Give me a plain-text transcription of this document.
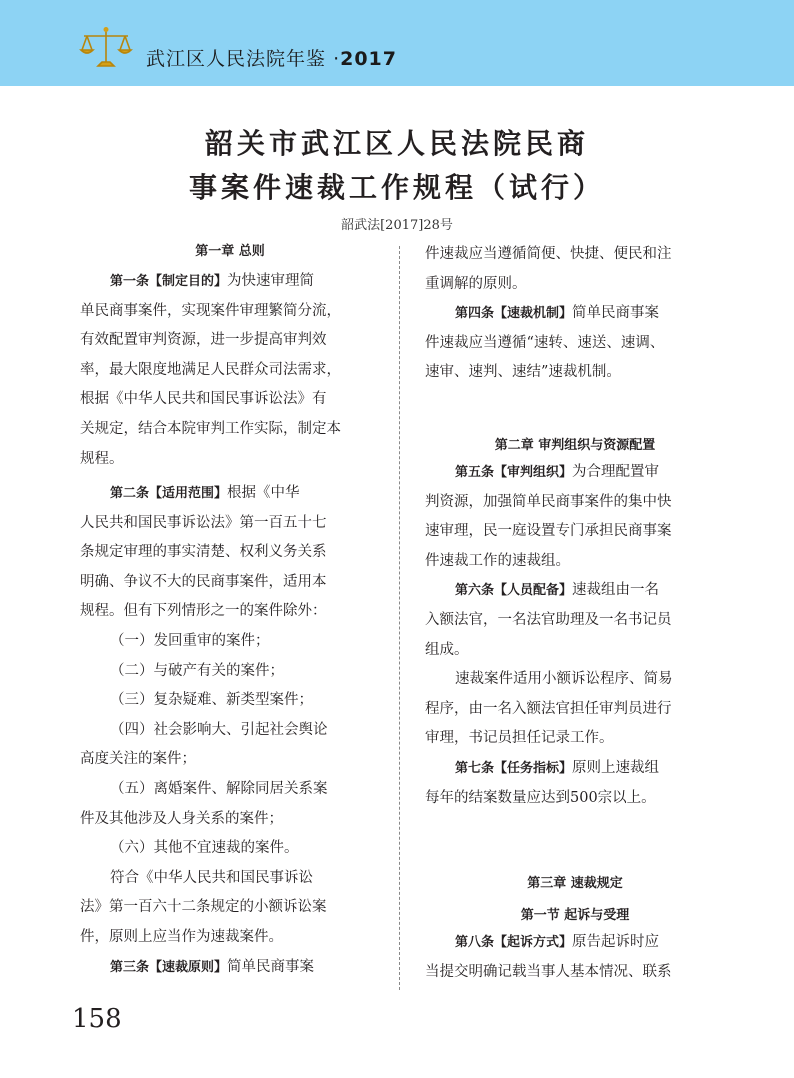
武江区人民法院年鉴 ·2017
韶关市武江区人民法院民商
事案件速裁工作规程（试行）
韶武法[2017]28号
第一章 总则
第一条【制定目的】为快速审理简
单民商事案件，实现案件审理繁简分流，
有效配置审判资源，进一步提高审判效
率，最大限度地满足人民群众司法需求，
根据《中华人民共和国民事诉讼法》有
关规定，结合本院审判工作实际，制定本
规程。
第二条【适用范围】根据《中华
人民共和国民事诉讼法》第一百五十七
条规定审理的事实清楚、权利义务关系
明确、争议不大的民商事案件，适用本
规程。但有下列情形之一的案件除外：
（一）发回重审的案件；
（二）与破产有关的案件；
（三）复杂疑难、新类型案件；
（四）社会影响大、引起社会舆论
高度关注的案件；
（五）离婚案件、解除同居关系案
件及其他涉及人身关系的案件；
（六）其他不宜速裁的案件。
符合《中华人民共和国民事诉讼
法》第一百六十二条规定的小额诉讼案
件，原则上应当作为速裁案件。
第三条【速裁原则】简单民商事案
件速裁应当遵循简便、快捷、便民和注
重调解的原则。
第四条【速裁机制】简单民商事案
件速裁应当遵循“速转、速送、速调、
速审、速判、速结”速裁机制。
第二章 审判组织与资源配置
第五条【审判组织】为合理配置审
判资源，加强简单民商事案件的集中快
速审理，民一庭设置专门承担民商事案
件速裁工作的速裁组。
第六条【人员配备】速裁组由一名
入额法官，一名法官助理及一名书记员
组成。
速裁案件适用小额诉讼程序、简易
程序，由一名入额法官担任审判员进行
审理，书记员担任记录工作。
第七条【任务指标】原则上速裁组
每年的结案数量应达到500宗以上。
第三章 速裁规定
第一节 起诉与受理
第八条【起诉方式】原告起诉时应
当提交明确记载当事人基本情况、联系
158
